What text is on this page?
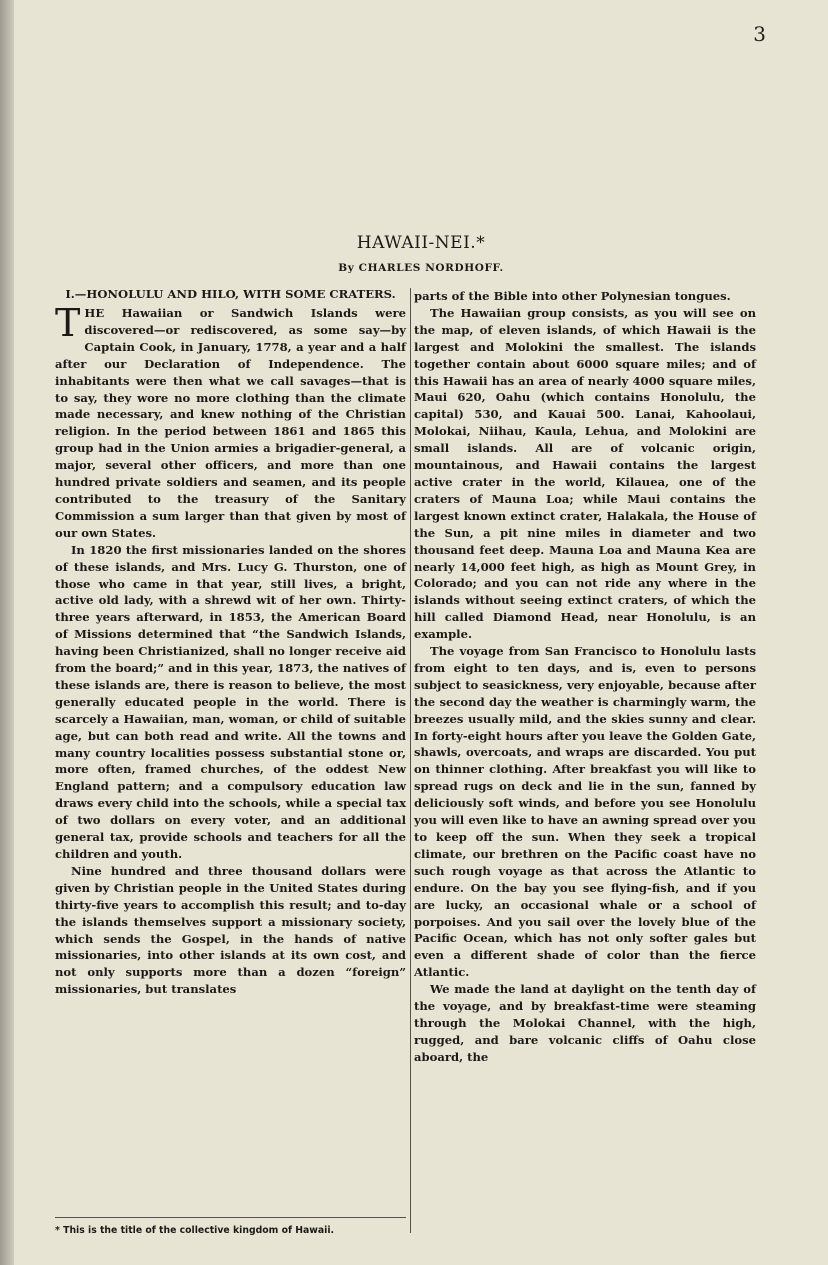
3
HAWAII-NEI.*
By CHARLES NORDHOFF.
I.—HONOLULU AND HILO, WITH SOME CRATERS.

THE Hawaiian or Sandwich Islands were discovered—or rediscovered, as some say—by Captain Cook, in January, 1778, a year and a half after our Declaration of Independence. The inhabitants were then what we call savages—that is to say, they wore no more clothing than the climate made necessary, and knew nothing of the Christian religion. In the period between 1861 and 1865 this group had in the Union armies a brigadier-general, a major, several other officers, and more than one hundred private soldiers and seamen, and its people contributed to the treasury of the Sanitary Commission a sum larger than that given by most of our own States.

In 1820 the first missionaries landed on the shores of these islands, and Mrs. Lucy G. Thurston, one of those who came in that year, still lives, a bright, active old lady, with a shrewd wit of her own. Thirty-three years afterward, in 1853, the American Board of Missions determined that “the Sandwich Islands, having been Christianized, shall no longer receive aid from the board;” and in this year, 1873, the natives of these islands are, there is reason to believe, the most generally educated people in the world. There is scarcely a Hawaiian, man, woman, or child of suitable age, but can both read and write. All the towns and many country localities possess substantial stone or, more often, framed churches, of the oddest New England pattern; and a compulsory education law draws every child into the schools, while a special tax of two dollars on every voter, and an additional general tax, provide schools and teachers for all the children and youth.

Nine hundred and three thousand dollars were given by Christian people in the United States during thirty-five years to accomplish this result; and to-day the islands themselves support a missionary society, which sends the Gospel, in the hands of native missionaries, into other islands at its own cost, and not only supports more than a dozen “foreign” missionaries, but translates

parts of the Bible into other Polynesian tongues.

The Hawaiian group consists, as you will see on the map, of eleven islands, of which Hawaii is the largest and Molokini the smallest. The islands together contain about 6000 square miles; and of this Hawaii has an area of nearly 4000 square miles, Maui 620, Oahu (which contains Honolulu, the capital) 530, and Kauai 500. Lanai, Kahoolaui, Molokai, Niihau, Kaula, Lehua, and Molokini are small islands. All are of volcanic origin, mountainous, and Hawaii contains the largest active crater in the world, Kilauea, one of the craters of Mauna Loa; while Maui contains the largest known extinct crater, Halakala, the House of the Sun, a pit nine miles in diameter and two thousand feet deep. Mauna Loa and Mauna Kea are nearly 14,000 feet high, as high as Mount Grey, in Colorado; and you can not ride any where in the islands without seeing extinct craters, of which the hill called Diamond Head, near Honolulu, is an example.

The voyage from San Francisco to Honolulu lasts from eight to ten days, and is, even to persons subject to seasickness, very enjoyable, because after the second day the weather is charmingly warm, the breezes usually mild, and the skies sunny and clear. In forty-eight hours after you leave the Golden Gate, shawls, overcoats, and wraps are discarded. You put on thinner clothing. After breakfast you will like to spread rugs on deck and lie in the sun, fanned by deliciously soft winds, and before you see Honolulu you will even like to have an awning spread over you to keep off the sun. When they seek a tropical climate, our brethren on the Pacific coast have no such rough voyage as that across the Atlantic to endure. On the bay you see flying-fish, and if you are lucky, an occasional whale or a school of porpoises. And you sail over the lovely blue of the Pacific Ocean, which has not only softer gales but even a different shade of color than the fierce Atlantic.

We made the land at daylight on the tenth day of the voyage, and by breakfast-time were steaming through the Molokai Channel, with the high, rugged, and bare volcanic cliffs of Oahu close aboard, the

* This is the title of the collective kingdom of Hawaii.
